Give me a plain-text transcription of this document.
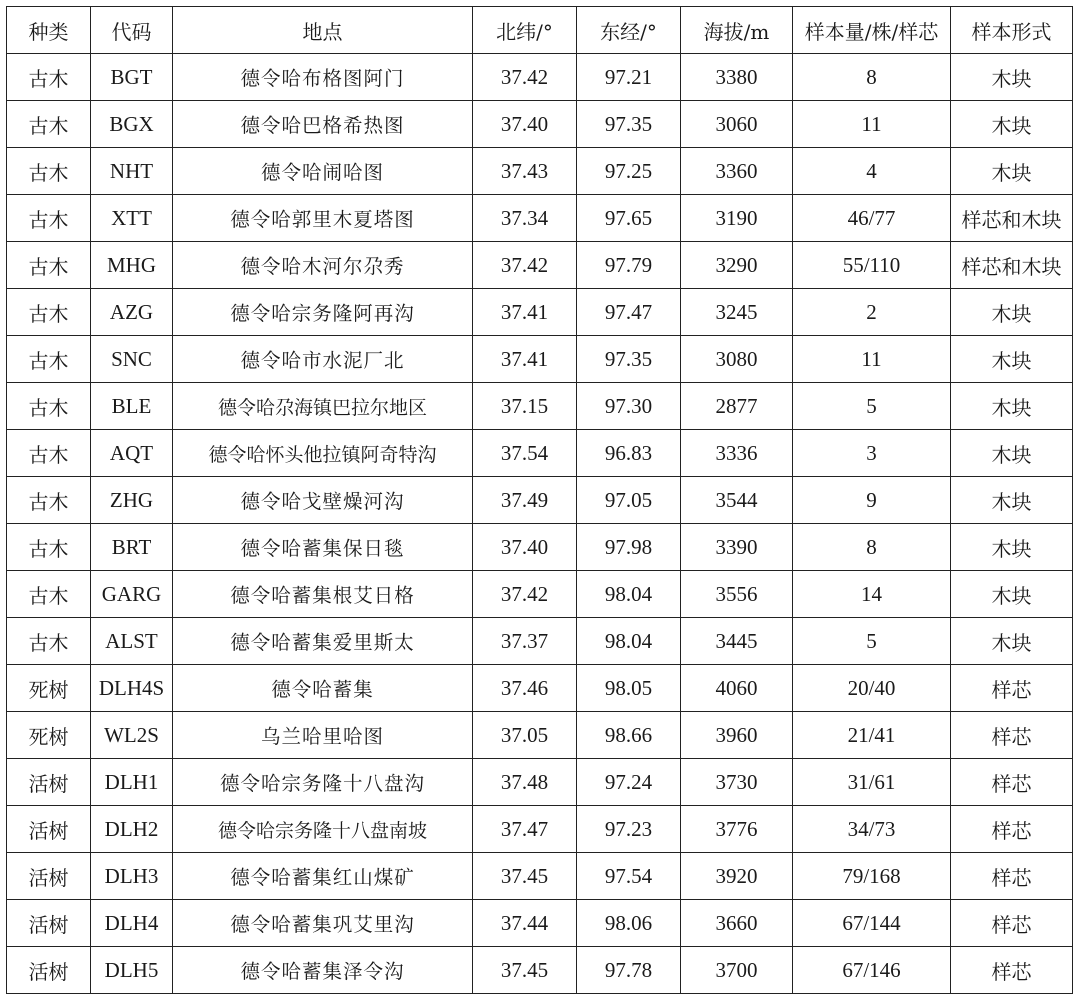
种类	代码	地点	北纬/°	东经/°	海拔/m	样本量/株/样芯	样本形式
古木	BGT	德令哈布格图阿门	37.42	97.21	3380	8	木块
古木	BGX	德令哈巴格希热图	37.40	97.35	3060	11	木块
古木	NHT	德令哈闹哈图	37.43	97.25	3360	4	木块
古木	XTT	德令哈郭里木夏塔图	37.34	97.65	3190	46/77	样芯和木块
古木	MHG	德令哈木河尔尕秀	37.42	97.79	3290	55/110	样芯和木块
古木	AZG	德令哈宗务隆阿再沟	37.41	97.47	3245	2	木块
古木	SNC	德令哈市水泥厂北	37.41	97.35	3080	11	木块
古木	BLE	德令哈尕海镇巴拉尔地区	37.15	97.30	2877	5	木块
古木	AQT	德令哈怀头他拉镇阿奇特沟	37.54	96.83	3336	3	木块
古木	ZHG	德令哈戈壁燥河沟	37.49	97.05	3544	9	木块
古木	BRT	德令哈蓄集保日毯	37.40	97.98	3390	8	木块
古木	GARG	德令哈蓄集根艾日格	37.42	98.04	3556	14	木块
古木	ALST	德令哈蓄集爱里斯太	37.37	98.04	3445	5	木块
死树	DLH4S	德令哈蓄集	37.46	98.05	4060	20/40	样芯
死树	WL2S	乌兰哈里哈图	37.05	98.66	3960	21/41	样芯
活树	DLH1	德令哈宗务隆十八盘沟	37.48	97.24	3730	31/61	样芯
活树	DLH2	德令哈宗务隆十八盘南坡	37.47	97.23	3776	34/73	样芯
活树	DLH3	德令哈蓄集红山煤矿	37.45	97.54	3920	79/168	样芯
活树	DLH4	德令哈蓄集巩艾里沟	37.44	98.06	3660	67/144	样芯
活树	DLH5	德令哈蓄集泽令沟	37.45	97.78	3700	67/146	样芯
